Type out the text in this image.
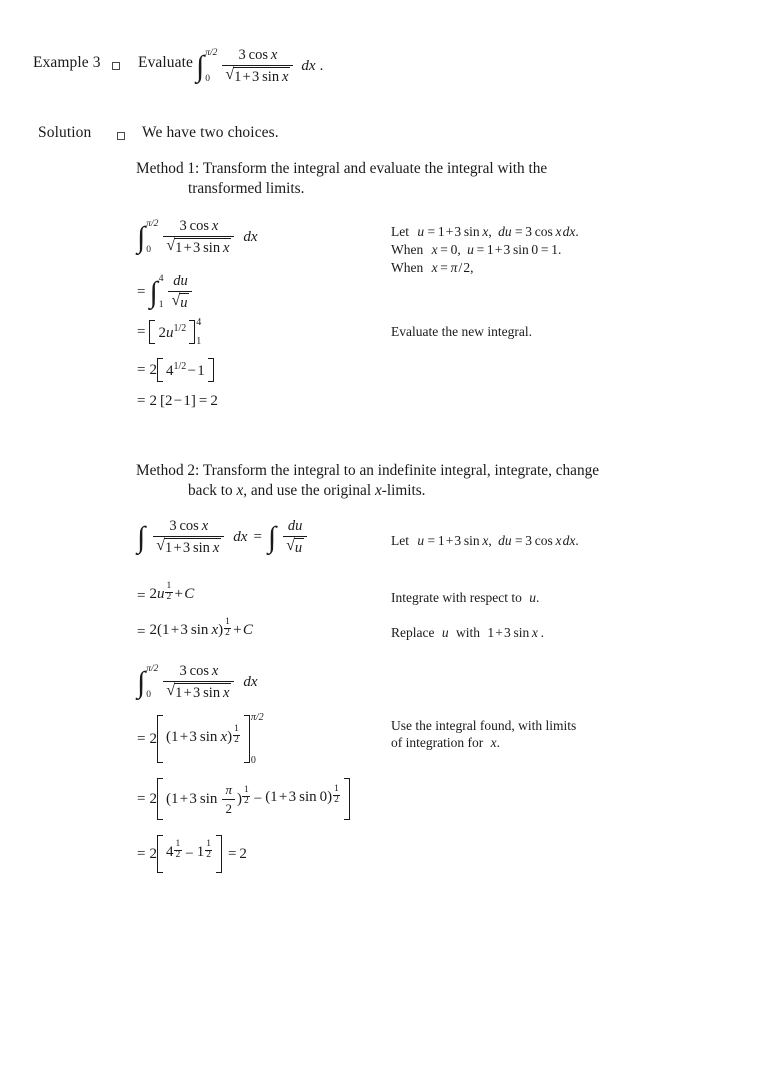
Example 3 Evaluate ∫ π/2
$0 \frac{\text{3 cos x}}{\text{√ 1 + 3 sin x}}$ dx .
Solution	We have two choices.
Method 1: Transform the integral and evaluate the integral with the
transformed limits.
∫ π/2
$0 \frac{\text{3 cos x}}{\text{√ 1 + 3 sin x}}$ dx
= ∫ 4
$1 \frac{du}{√ u}$
= $2u^{1/2}$ 4
1
= 2 $4^{1/2}$ − 1
= 2 [2 − 1] = 2
Let u = 1 + 3 sin x, du = 3 cos x dx.
When x = 0, u = 1 + 3 sin 0 = 1.
When x = π / 2,
Evaluate the new integral.
Method 2: Transform the integral to an indefinite integral, integrate, change
back to x, and use the original x-limits.
∫ $\frac{\text{3 cos x}}{\text{√ 1 + 3 sin x}}$ dx = ∫ $\frac{du}{√ u}$
= $2u \frac{1}{2}$  + C
= 2(1 + 3 $\sin x) \frac{1}{2}$  + C
∫ π/2
$0 \frac{\text{3 cos x}}{\text{√ 1 + 3 sin x}}$ dx
= 2 (1 + 3 $\sin x) \frac{1}{2}$
π/2
0
= 2 (1 + 3 $\sin \frac{\pi}{2}$ ) $\frac{1}{2} - (1$ + 3 $\sin 0) \frac{1}{2}$
= 2 $4 \frac{1}{2} - 1 \frac{1}{2} = 2$
Let u = 1 + 3 sin x, du = 3 cos x dx.
Integrate with respect to u.
Replace u with 1 + 3 sin x .
Use the integral found, with limits
of integration for x.
